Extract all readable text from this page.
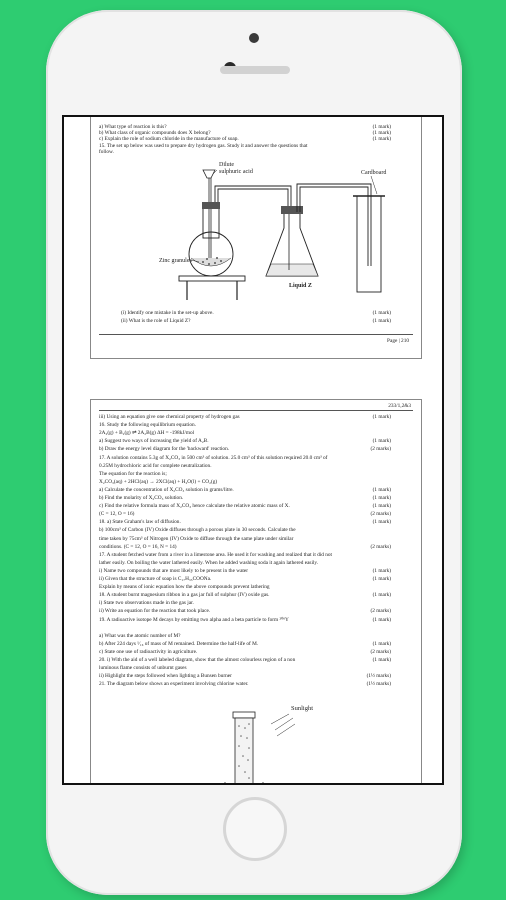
a) What type of reaction is this?	(1 mark)
b) What class of organic compounds does X belong?	(1 mark)
c) Explain the role of sodium chloride in the manufacture of soap.	(1 mark)
15. The set up below was used to prepare dry hydrogen gas. Study it and answer the questions that
follow.
Dilute
sulphuric acid
Zinc granules
Liquid Z
Cardboard
(i) Identify one mistake in the set-up above.	(1 mark)
(ii) What is the role of Liquid Z?	(1 mark)
Page | 210
233/1,2&3
iii) Using an equation give one chemical property of hydrogen gas	(1 mark)
16. Study the following equilibrium equation.
2A₂(g) + B₂(g) ⇌ 2A₂B(g) ΔH = -198kJ/mol
a) Suggest two ways of increasing the yield of A₂B.	(1 mark)
b) Draw the energy level diagram for the 'backward' reaction.	(2 marks)
17. A solution contains 5.3g of X₂CO₃ in 500 cm³ of solution. 25.0 cm³ of this solution required 20.0 cm³ of
0.25M hydrochloric acid for complete neutralization.
The equation for the reaction is;
X₂CO₃(aq) + 2HCl(aq) → 2XCl(aq) + H₂O(l) + CO₂(g)
a) Calculate the concentration of X₂CO₃ solution in grams/litre.	(1 mark)
b) Find the molarity of X₂CO₃ solution.	(1 mark)
c) Find the relative formula mass of X₂CO₃ hence calculate the relative atomic mass of X.	(1 mark)
(C = 12, O = 16)	(2 marks)
18. a) State Graham's law of diffusion.	(1 mark)
b) 100cm³ of Carbon (IV) Oxide diffuses through a porous plate in 30 seconds. Calculate the
time taken by 75cm³ of Nitrogen (IV) Oxide to diffuse through the same plate under similar
conditions. (C = 12, O = 16, N = 14)	(2 marks)
17. A student fetched water from a river in a limestone area. He used it for washing and realized that it did not
lather easily. On boiling the water lathered easily. When he added washing soda it again lathered easily.
i) Name two compounds that are most likely to be present in the water	(1 mark)
ii) Given that the structure of soap is C₁₇H₃₅COONa.	(1 mark)
Explain by means of ionic equation how the above compounds prevent lathering
18. A student burnt magnesium ribbon in a gas jar full of sulphur (IV) oxide gas.	(1 mark)
i) State two observations made in the gas jar.
ii) Write an equation for the reaction that took place.	(2 marks)
19. A radioactive isotope M decays by emitting two alpha and a beta particle to form ²⁰⁶Y	(1 mark)
a) What was the atomic number of M?
b) After 224 days ¹⁄₁₆ of mass of M remained. Determine the half-life of M.	(1 mark)
c) State one use of radioactivity in agriculture.	(2 marks)
20. i) With the aid of a well labeled diagram, show that the almost colourless region of a non	(1 mark)
luminous flame consists of unburnt gases
ii) Highlight the steps followed when lighting a Bunsen burner	(1½ marks)
21. The diagram below shows an experiment involving chlorine water.	(1½ marks)
Sunlight
